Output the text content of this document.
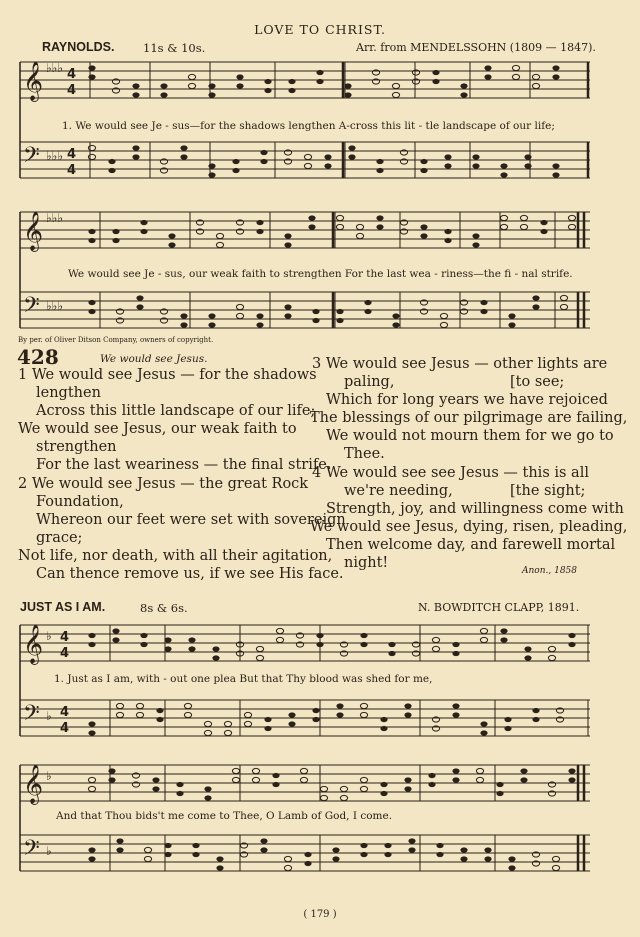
LOVE TO CHRIST.
RAYNOLDS. 11s & 10s.	Arr. from MENDELSSOHN (1809 — 1847).
𝄞
𝄢
𝄞
𝄢
𝄞
𝄢
𝄞
𝄢
♭♭♭
♭♭♭
♭♭♭
♭♭♭
♭
♭
♭
♭
4
4
4
4
4
4
4
4
1. We would see Je - sus—for the shadows lengthen A-cross this lit - tle landscape of our life;
We would see Je - sus, our weak faith to strengthen For the last wea - riness—the fi - nal strife.
By per. of Oliver Ditson Company, owners of copyright.
428	We would see Jesus.
1 We would see Jesus — for the shadows
lengthen
Across this little landscape of our life;
We would see Jesus, our weak faith to
strengthen
For the last weariness — the final strife.
2 We would see Jesus — the great Rock
Foundation,
Whereon our feet were set with sovereign
grace;
Not life, nor death, with all their agitation,
Can thence remove us, if we see His face.
3 We would see Jesus — other lights are
paling,	[to see;
Which for long years we have rejoiced
The blessings of our pilgrimage are failing,
We would not mourn them for we go to
Thee.
4 We would see see Jesus — this is all
we're needing,	[the sight;
Strength, joy, and willingness come with
We would see Jesus, dying, risen, pleading,
Then welcome day, and farewell mortal
night!	Anon., 1858
JUST AS I AM.	8s & 6s.	N. BOWDITCH CLAPP, 1891.
1. Just as I am, with - out one plea But that Thy blood was shed for me,
And that Thou bids't me come to Thee, O Lamb of God, I come.
( 179 )
